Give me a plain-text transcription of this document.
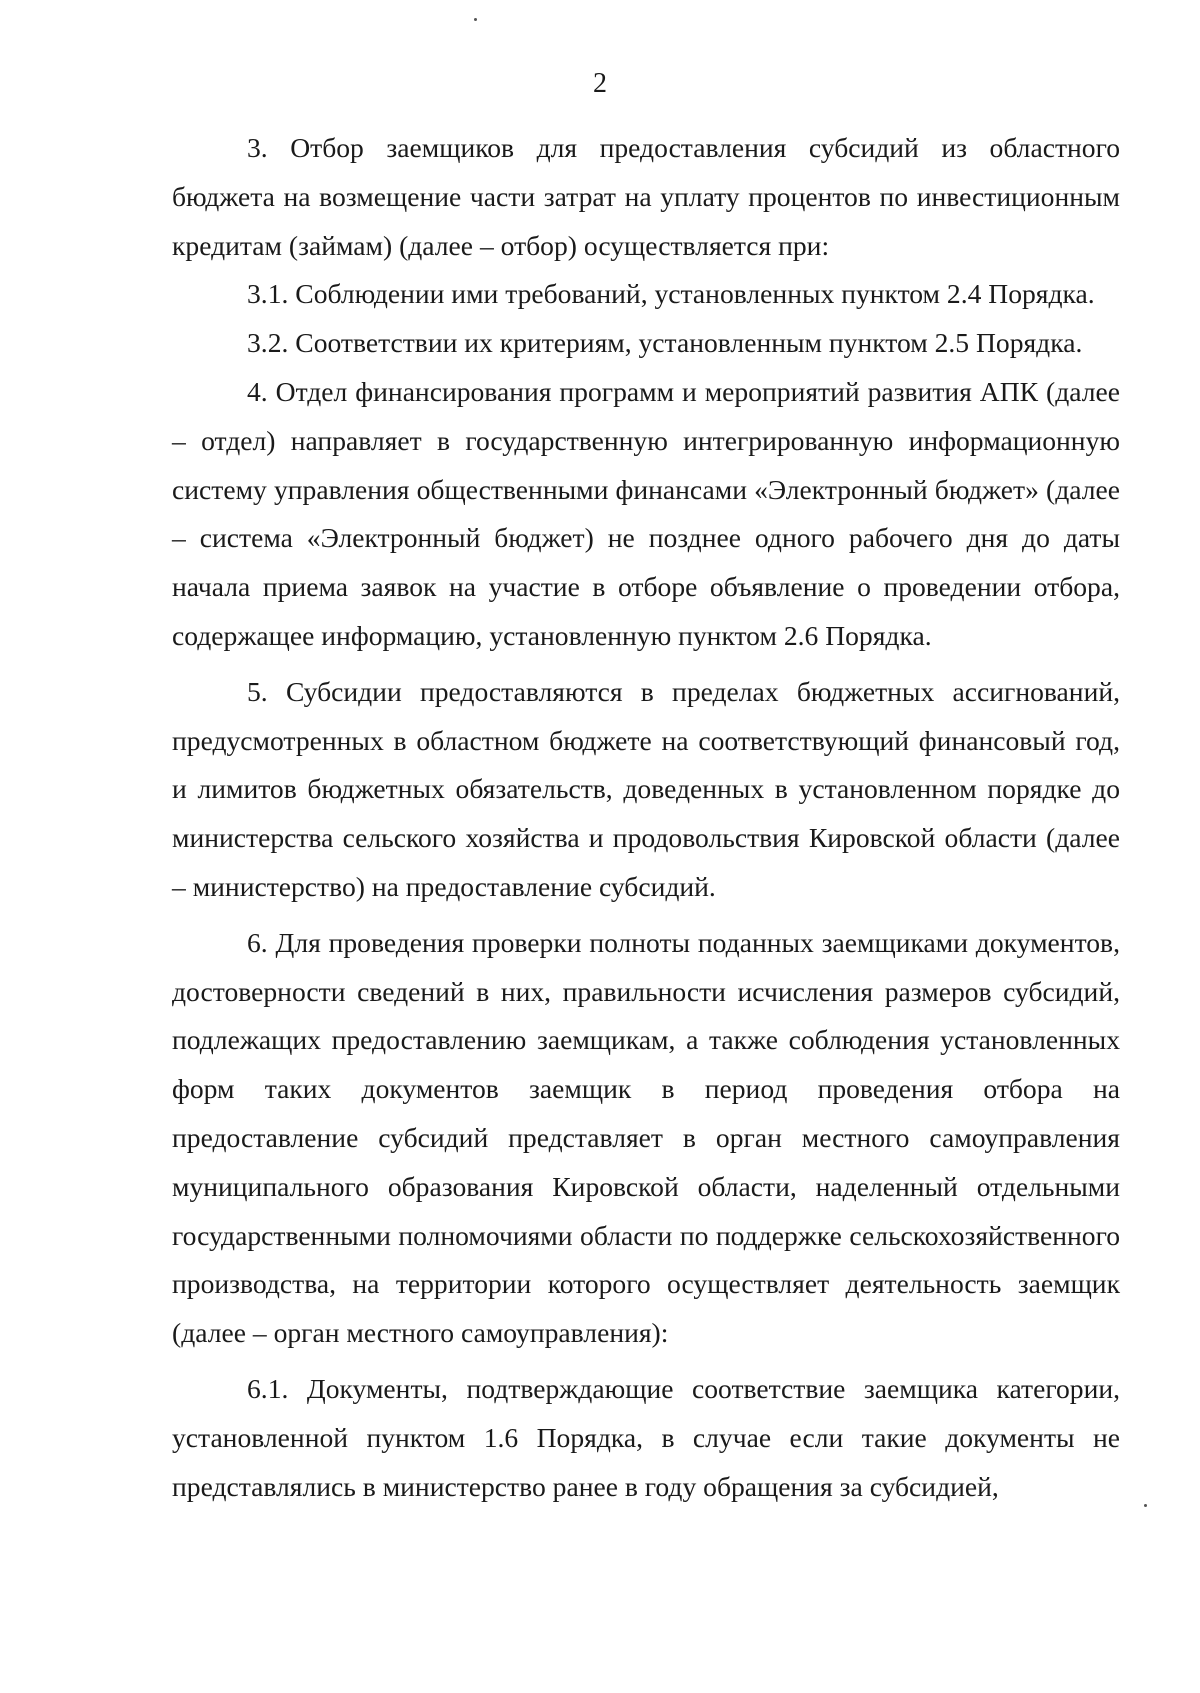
2

3. Отбор заемщиков для предоставления субсидий из областного бюджета на возмещение части затрат на уплату процентов по инвестиционным кредитам (займам) (далее – отбор) осуществляется при:

3.1. Соблюдении ими требований, установленных пунктом 2.4 Порядка.

3.2. Соответствии их критериям, установленным пунктом 2.5 Порядка.

4. Отдел финансирования программ и мероприятий развития АПК (далее – отдел) направляет в государственную интегрированную информационную систему управления общественными финансами «Электронный бюджет» (далее – система «Электронный бюджет) не позднее одного рабочего дня до даты начала приема заявок на участие в отборе объявление о проведении отбора, содержащее информацию, установленную пунктом 2.6 Порядка.

5. Субсидии предоставляются в пределах бюджетных ассигнований, предусмотренных в областном бюджете на соответствующий финансовый год, и лимитов бюджетных обязательств, доведенных в установленном порядке до министерства сельского хозяйства и продовольствия Кировской области (далее – министерство) на предоставление субсидий.

6. Для проведения проверки полноты поданных заемщиками документов, достоверности сведений в них, правильности исчисления размеров субсидий, подлежащих предоставлению заемщикам, а также соблюдения установленных форм таких документов заемщик в период проведения отбора на предоставление субсидий представляет в орган местного самоуправления муниципального образования Кировской области, наделенный отдельными государственными полномочиями области по поддержке сельскохозяйственного производства, на территории которого осуществляет деятельность заемщик (далее – орган местного самоуправления):

6.1. Документы, подтверждающие соответствие заемщика категории, установленной пунктом 1.6 Порядка, в случае если такие документы не представлялись в министерство ранее в году обращения за субсидией,
